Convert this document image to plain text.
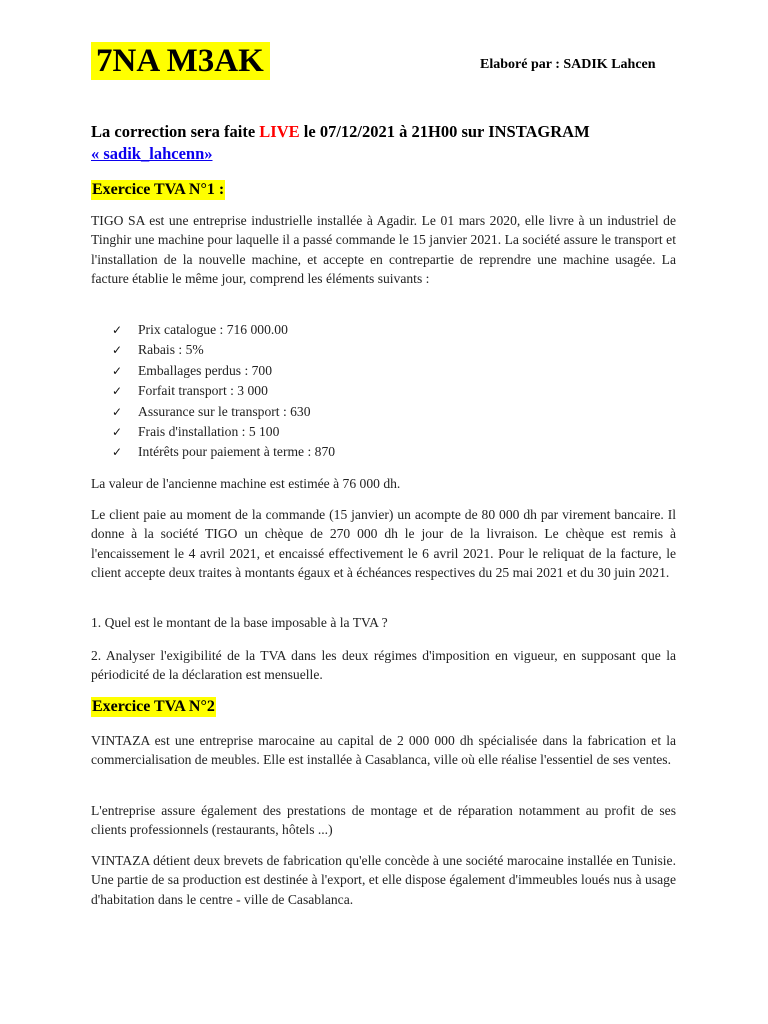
7NA M3AK	Elaboré par : SADIK Lahcen
La correction sera faite LIVE le 07/12/2021 à 21H00 sur INSTAGRAM
« sadik_lahcenn»
Exercice TVA N°1 :
TIGO SA est une entreprise industrielle installée à Agadir. Le 01 mars 2020, elle livre à un industriel de Tinghir une machine pour laquelle il a passé commande le 15 janvier 2021. La société assure le transport et l'installation de la nouvelle machine, et accepte en contrepartie de reprendre une machine usagée. La facture établie le même jour, comprend les éléments suivants :
✓	Prix catalogue : 716 000.00
✓	Rabais : 5%
✓	Emballages perdus : 700
✓	Forfait transport : 3 000
✓	Assurance sur le transport : 630
✓	Frais d'installation : 5 100
✓	Intérêts pour paiement à terme : 870
La valeur de l'ancienne machine est estimée à 76 000 dh.
Le client paie au moment de la commande (15 janvier) un acompte de 80 000 dh par virement bancaire. Il donne à la société TIGO un chèque de 270 000 dh le jour de la livraison. Le chèque est remis à l'encaissement le 4 avril 2021, et encaissé effectivement le 6 avril 2021. Pour le reliquat de la facture, le client accepte deux traites à montants égaux et à échéances respectives du 25 mai 2021 et du 30 juin 2021.
1. Quel est le montant de la base imposable à la TVA ?
2. Analyser l'exigibilité de la TVA dans les deux régimes d'imposition en vigueur, en supposant que la périodicité de la déclaration est mensuelle.
Exercice TVA N°2
VINTAZA est une entreprise marocaine au capital de 2 000 000 dh spécialisée dans la fabrication et la commercialisation de meubles. Elle est installée à Casablanca, ville où elle réalise l'essentiel de ses ventes.
L'entreprise assure également des prestations de montage et de réparation notamment au profit de ses clients professionnels (restaurants, hôtels ...)
VINTAZA détient deux brevets de fabrication qu'elle concède à une société marocaine installée en Tunisie. Une partie de sa production est destinée à l'export, et elle dispose également d'immeubles loués nus à usage d'habitation dans le centre - ville de Casablanca.
